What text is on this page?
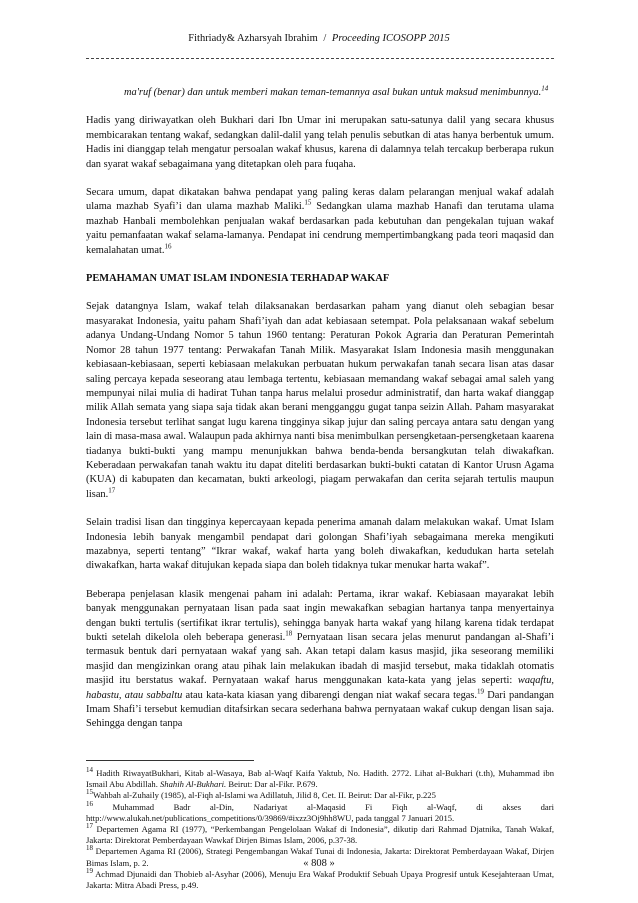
Fithriady& Azharsyah Ibrahim / Proceeding ICOSOPP 2015

ma'ruf (benar) dan untuk memberi makan teman-temannya asal bukan untuk maksud menimbunnya.$^{14}$

Hadis yang diriwayatkan oleh Bukhari dari Ibn Umar ini merupakan satu-satunya dalil yang secara khusus membicarakan tentang wakaf, sedangkan dalil-dalil yang telah penulis sebutkan di atas hanya berbentuk umum. Hadis ini dianggap telah mengatur persoalan wakaf khusus, karena di dalamnya telah tercakup berberapa rukun dan syarat wakaf sebagaimana yang ditetapkan oleh para fuqaha.

Secara umum, dapat dikatakan bahwa pendapat yang paling keras dalam pelarangan menjual wakaf adalah ulama mazhab Syafi’i dan ulama mazhab Maliki.$^{15}$ Sedangkan ulama mazhab Hanafi dan terutama ulama mazhab Hanbali membolehkan penjualan wakaf berdasarkan pada kebutuhan dan pengekalan tujuan wakaf yaitu pemanfaatan wakaf selama-lamanya. Pendapat ini cendrung mempertimbangkang pada teori maqasid dan kemalahatan umat.$^{16}$

PEMAHAMAN UMAT ISLAM INDONESIA TERHADAP WAKAF

Sejak datangnya Islam, wakaf telah dilaksanakan berdasarkan paham yang dianut oleh sebagian besar masyarakat Indonesia, yaitu paham Shafi’iyah dan adat kebiasaan setempat. Pola pelaksanaan wakaf sebelum adanya Undang-Undang Nomor 5 tahun 1960 tentang: Peraturan Pokok Agraria dan Peraturan Pemerintah Nomor 28 tahun 1977 tentang: Perwakafan Tanah Milik. Masyarakat Islam Indonesia masih menggunakan kebiasaan-kebiasaan, seperti kebiasaan melakukan perbuatan hukum perwakafan tanah secara lisan atas dasar saling percaya kepada seseorang atau lembaga tertentu, kebiasaan memandang wakaf sebagai amal saleh yang mempunyai nilai mulia di hadirat Tuhan tanpa harus melalui prosedur administratif, dan harta wakaf dianggap milik Allah semata yang siapa saja tidak akan berani mengganggu gugat tanpa seizin Allah. Paham masyarakat Indonesia tersebut terlihat sangat lugu karena tingginya sikap jujur dan saling percaya antara satu dengan yang lain di masa-masa awal. Walaupun pada akhirnya nanti bisa menimbulkan persengketaan-persengketaan kaarena tiadanya bukti-bukti yang mampu menunjukkan bahwa benda-benda bersangkutan telah diwakafkan. Keberadaan perwakafan tanah waktu itu dapat diteliti berdasarkan bukti-bukti catatan di Kantor Urusn Agama (KUA) di kabupaten dan kecamatan, bukti arkeologi, piagam perwakafan dan cerita sejarah tertulis maupun lisan.$^{17}$

Selain tradisi lisan dan tingginya kepercayaan kepada penerima amanah dalam melakukan wakaf. Umat Islam Indonesia lebih banyak mengambil pendapat dari golongan Shafi’iyah sebagaimana mereka mengikuti mazabnya, seperti tentang” “Ikrar wakaf, wakaf harta yang boleh diwakafkan, kedudukan harta setelah diwakafkan, harta wakaf ditujukan kepada siapa dan boleh tidaknya tukar menukar harta wakaf”.

Beberapa penjelasan klasik mengenai paham ini adalah: Pertama, ikrar wakaf. Kebiasaan mayarakat lebih banyak menggunakan pernyataan lisan pada saat ingin mewakafkan sebagian hartanya tanpa menyertainya dengan bukti tertulis (sertifikat ikrar tertulis), sehingga banyak harta wakaf yang hilang karena tidak terdapat bukti setelah dikelola oleh beberapa generasi.$^{18}$ Pernyataan lisan secara jelas menurut pandangan al-Shafi’i termasuk bentuk dari pernyataan wakaf yang sah. Akan tetapi dalam kasus masjid, jika seseorang memiliki masjid dan mengizinkan orang atau pihak lain melakukan ibadah di masjid tersebut, maka tidaklah otomatis masjid itu berstatus wakaf. Pernyataan wakaf harus menggunakan kata-kata yang jelas seperti: waqaftu, habastu, atau sabbaltu atau kata-kata kiasan yang dibarengi dengan niat wakaf secara tegas.$^{19}$ Dari pandangan Imam Shafi’i tersebut kemudian ditafsirkan secara sederhana bahwa pernyataan wakaf cukup dengan lisan saja. Sehingga dengan tanpa

$^{14}$ Hadith RiwayatBukhari, Kitab al-Wasaya, Bab al-Waqf Kaifa Yaktub, No. Hadith. 2772. Lihat al-Bukhari (t.th), Muhammad ibn Ismail Abu Abdillah. Shahih Al-Bukhari. Beirut: Dar al-Fikr. P.679.

$^{15}$Wahbah al-Zuhaily (1985), al-Fiqh al-Islami wa Adillatuh, Jilid 8, Cet. II. Beirut: Dar al-Fikr, p.225

$^{16}$ Muhammad Badr al-Din, Nadariyat al-Maqasid Fi Fiqh al-Waqf, di akses dari http://www.alukah.net/publications_competitions/0/39869/#ixzz3Oj9hh8WU, pada tanggal 7 Januari 2015.

$^{17}$ Departemen Agama RI (1977), “Perkembangan Pengelolaan Wakaf di Indonesia”, dikutip dari Rahmad Djatnika, Tanah Wakaf, Jakarta: Direktorat Pemberdayaan Wawkaf Dirjen Bimas Islam, 2006, p.37-38.

$^{18}$ Departemen Agama RI (2006), Strategi Pengembangan Wakaf Tunai di Indonesia, Jakarta: Direktorat Pemberdayaan Wakaf, Dirjen Bimas Islam, p. 2.

$^{19}$ Achmad Djunaidi dan Thobieb al-Asyhar (2006), Menuju Era Wakaf Produktif Sebuah Upaya Progresif untuk Kesejahteraan Umat, Jakarta: Mitra Abadi Press, p.49.

« 808 »
